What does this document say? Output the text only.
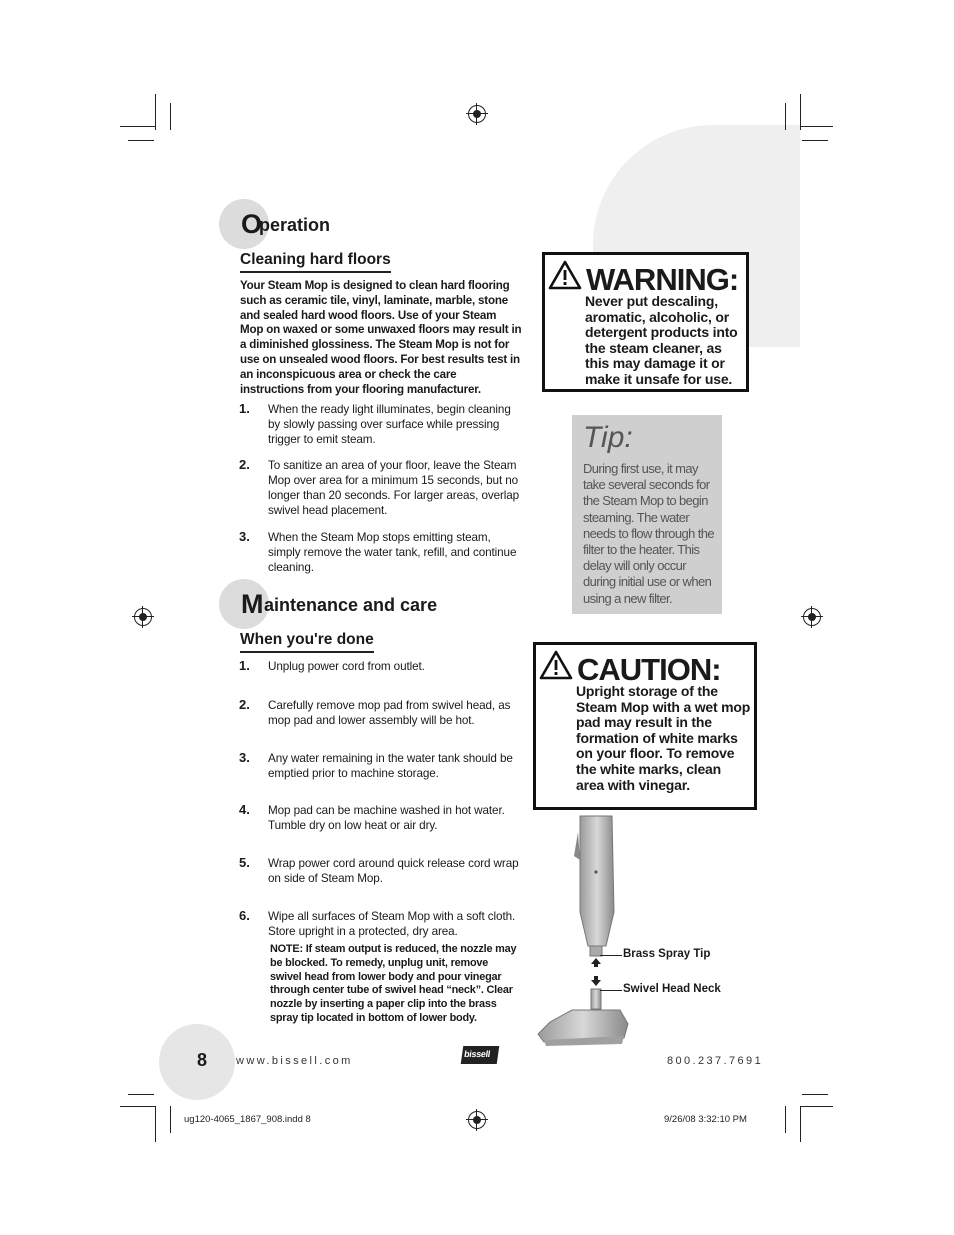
O
peration
Cleaning hard floors
Your Steam Mop is designed to clean hard flooring such as ceramic tile, vinyl, laminate, marble, stone and sealed hard wood floors. Use of your Steam Mop on waxed or some unwaxed floors may result in a diminished glossiness. The Steam Mop is not for use on unsealed wood floors. For best results test in an inconspicuous area or check the care instructions from your flooring manufacturer.
1. When the ready light illuminates, begin cleaning by slowly passing over surface while pressing trigger to emit steam.
2. To sanitize an area of your floor, leave the Steam Mop over area for a minimum 15 seconds, but no longer than 20 seconds. For larger areas, overlap swivel head placement.
3. When the Steam Mop stops emitting steam, simply remove the water tank, refill, and continue cleaning.
M aintenance and care
When you're done
1. Unplug power cord from outlet.
2. Carefully remove mop pad from swivel head, as mop pad and lower assembly will be hot.
3. Any water remaining in the water tank should be emptied prior to machine storage.
4. Mop pad can be machine washed in hot water. Tumble dry on low heat or air dry.
5. Wrap power cord around quick release cord wrap on side of Steam Mop.
6. Wipe all surfaces of Steam Mop with a soft cloth. Store upright in a protected, dry area.
NOTE: If steam output is reduced, the nozzle may be blocked. To remedy, unplug unit, remove swivel head from lower body and pour vinegar through center tube of swivel head “neck”. Clear nozzle by inserting a paper clip into the brass spray tip located in bottom of lower body.
WARNING:
Never put descaling, aromatic, alcoholic, or detergent products into the steam cleaner, as this may damage it or make it unsafe for use.
Tip:
During first use, it may take several seconds for the Steam Mop to begin steaming. The water needs to flow through the filter to the heater. This delay will only occur during initial use or when using a new filter.
CAUTION:
Upright storage of the Steam Mop with a wet mop pad may result in the formation of white marks on your floor. To remove the white marks, clean area with vinegar.
Brass Spray Tip
Swivel Head Neck
8	www.bissell.com
bissell
800.237.7691
ug120-4065_1867_908.indd 8	9/26/08 3:32:10 PM
